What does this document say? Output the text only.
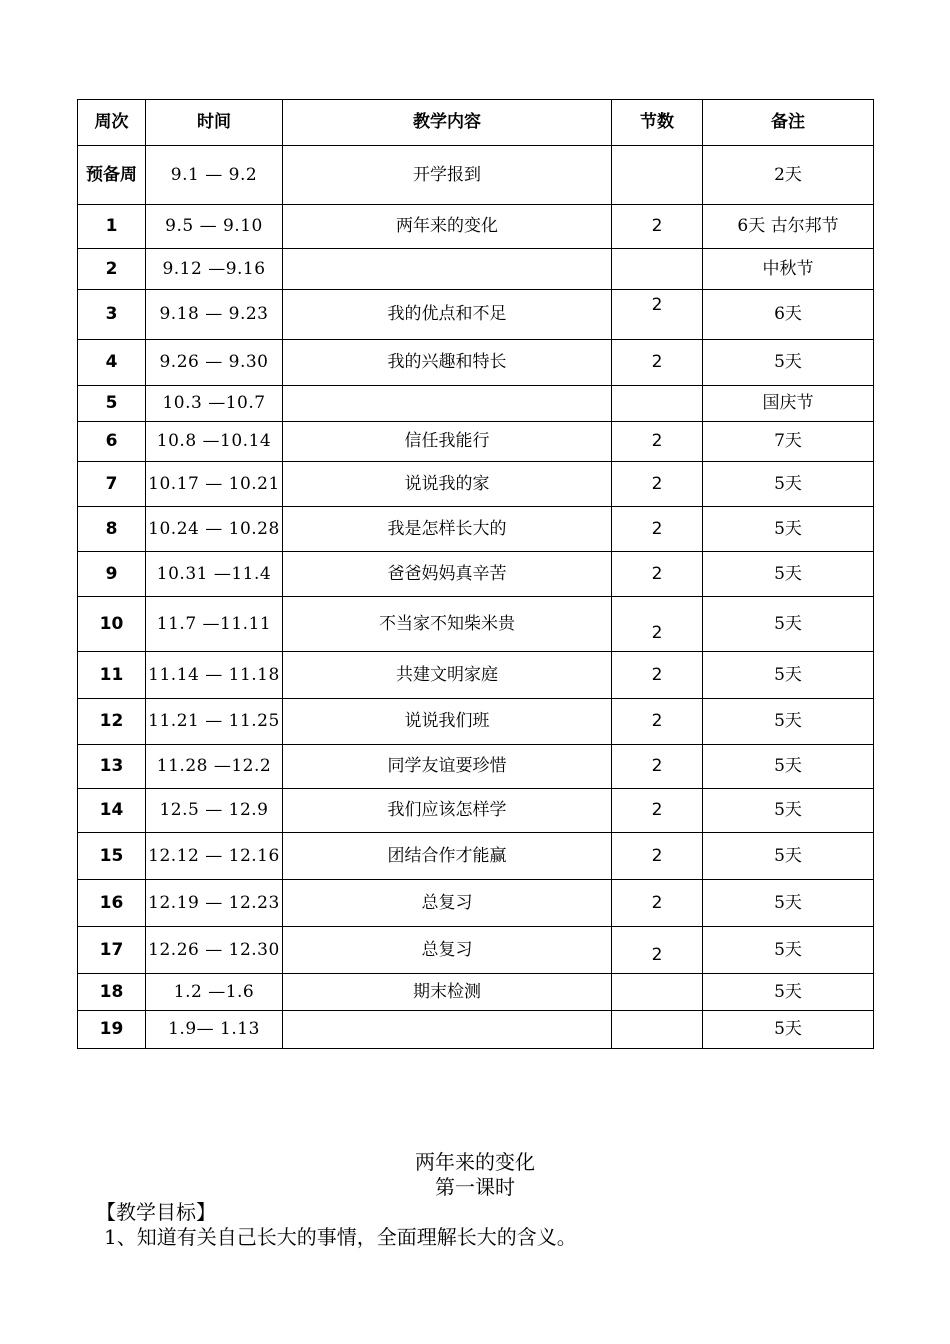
周次	时间	教学内容	节数	备注
预备周	9.1 — 9.2	开学报到		2天
1	9.5 — 9.10	两年来的变化	2	6天 古尔邦节
2	9.12 —9.16			中秋节
3	9.18 — 9.23	我的优点和不足	2	6天
4	9.26 — 9.30	我的兴趣和特长	2	5天
5	10.3 —10.7			国庆节
6	10.8 —10.14	信任我能行	2	7天
7	10.17 — 10.21	说说我的家	2	5天
8	10.24 — 10.28	我是怎样长大的	2	5天
9	10.31 —11.4	爸爸妈妈真辛苦	2	5天
10	11.7 —11.11	不当家不知柴米贵	2	5天
11	11.14 — 11.18	共建文明家庭	2	5天
12	11.21 — 11.25	说说我们班	2	5天
13	11.28 —12.2	同学友谊要珍惜	2	5天
14	12.5 — 12.9	我们应该怎样学	2	5天
15	12.12 — 12.16	团结合作才能赢	2	5天
16	12.19 — 12.23	总复习	2	5天
17	12.26 — 12.30	总复习	2	5天
18	1.2 —1.6	期末检测		5天
19	1.9— 1.13			5天
两年来的变化
第一课时
【教学目标】
1、知道有关自己长大的事情，全面理解长大的含义。
